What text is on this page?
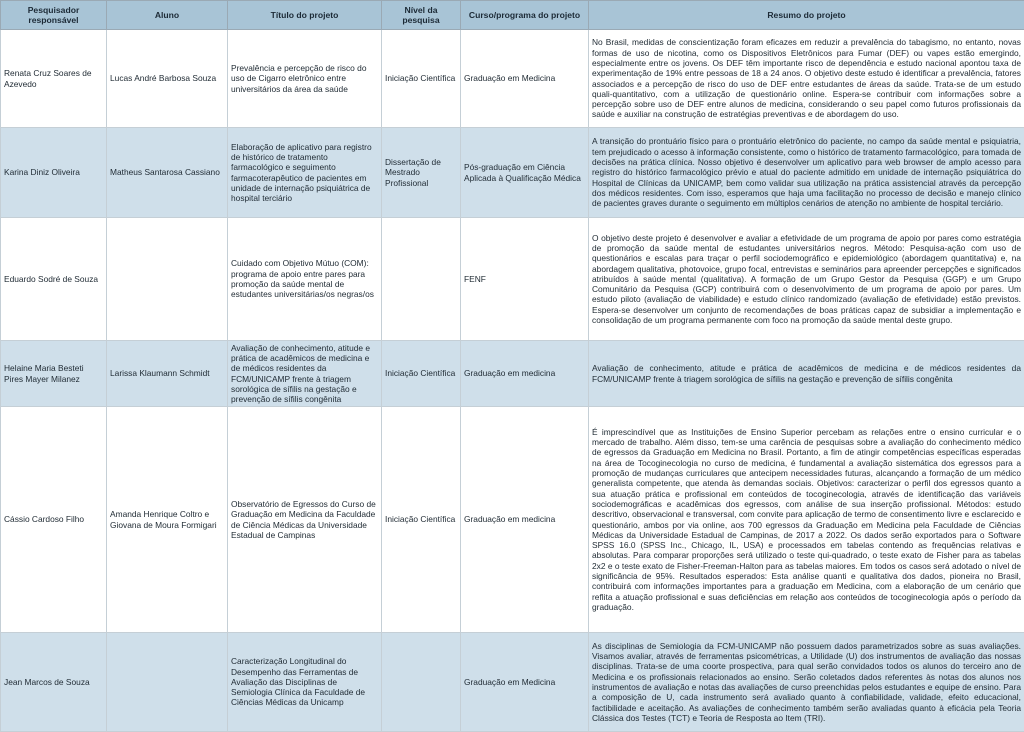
Pesquisador responsável	Aluno	Título do projeto	Nível da pesquisa	Curso/programa do projeto	Resumo do projeto
Renata Cruz Soares de Azevedo	Lucas André Barbosa Souza	Prevalência e percepção de risco do uso de Cigarro eletrônico entre universitários da área da saúde	Iniciação Científica	Graduação em Medicina	No Brasil, medidas de conscientização foram eficazes em reduzir a prevalência do tabagismo, no entanto, novas formas de uso de nicotina, como os Dispositivos Eletrônicos para Fumar (DEF) ou vapes estão emergindo, especialmente entre os jovens. Os DEF têm importante risco de dependência e estudo nacional apontou taxa de experimentação de 19% entre pessoas de 18 a 24 anos. O objetivo deste estudo é identificar a prevalência, fatores associados e a percepção de risco do uso de DEF entre estudantes de áreas da saúde. Trata-se de um estudo quali-quantitativo, com a utilização de questionário online. Espera-se contribuir com informações sobre a percepção sobre uso de DEF entre alunos de medicina, considerando o seu papel como futuros profissionais da saúde e auxiliar na construção de estratégias preventivas e de abordagem do uso.
Karina Diniz Oliveira	Matheus Santarosa Cassiano	Elaboração de aplicativo para registro de histórico de tratamento farmacológico e seguimento farmacoterapêutico de pacientes em unidade de internação psiquiátrica de hospital terciário	Dissertação de Mestrado Profissional	Pós-graduação em Ciência Aplicada à Qualificação Médica	A transição do prontuário físico para o prontuário eletrônico do paciente, no campo da saúde mental e psiquiatria, tem prejudicado o acesso à informação consistente, como o histórico de tratamento farmacológico, para tomada de decisões na prática clínica. Nosso objetivo é desenvolver um aplicativo para web browser de amplo acesso para registro do histórico farmacológico prévio e atual do paciente admitido em unidade de internação psiquiátrica do Hospital de Clínicas da UNICAMP, bem como validar sua utilização na prática assistencial através da percepção dos médicos residentes. Com isso, esperamos que haja uma facilitação no processo de decisão e manejo clínico de pacientes graves durante o seguimento em múltiplos cenários de atenção no ambiente de hospital terciário.
Eduardo Sodré de Souza		Cuidado com Objetivo Mútuo (COM): programa de apoio entre pares para promoção da saúde mental de estudantes universitárias/os negras/os		FENF	O objetivo deste projeto é desenvolver e avaliar a efetividade de um programa de apoio por pares como estratégia de promoção da saúde mental de estudantes universitários negros. Método: Pesquisa-ação com uso de questionários e escalas para traçar o perfil sociodemográfico e epidemiológico (abordagem quantitativa) e, na abordagem qualitativa, photovoice, grupo focal, entrevistas e seminários para apreender percepções e significados atribuídos à saúde mental (qualitativa). A formação de um Grupo Gestor da Pesquisa (GGP) e um Grupo Comunitário da Pesquisa (GCP) contribuirá com o desenvolvimento de um programa de apoio por pares. Um estudo piloto (avaliação de viabilidade) e estudo clínico randomizado (avaliação de efetividade) estão previstos. Espera-se desenvolver um conjunto de recomendações de boas práticas capaz de subsidiar a implementação e consolidação de um programa permanente com foco na promoção da saúde mental deste grupo.
Helaine Maria Besteti Pires Mayer Milanez	Larissa Klaumann Schmidt	Avaliação de conhecimento, atitude e prática de acadêmicos de medicina e de médicos residentes da FCM/UNICAMP frente à triagem sorológica de sífilis na gestação e prevenção de sífilis congênita	Iniciação Científica	Graduação em medicina	Avaliação de conhecimento, atitude e prática de acadêmicos de medicina e de médicos residentes da FCM/UNICAMP frente à triagem sorológica de sífilis na gestação e prevenção de sífilis congênita
Cássio Cardoso Filho	Amanda Henrique Coltro e Giovana de Moura Formigari	Observatório de Egressos do Curso de Graduação em Medicina da Faculdade de Ciência Médicas da Universidade Estadual de Campinas	Iniciação Científica	Graduação em medicina	É imprescindível que as Instituições de Ensino Superior percebam as relações entre o ensino curricular e o mercado de trabalho. Além disso, tem-se uma carência de pesquisas sobre a avaliação do conhecimento médico de egressos da Graduação em Medicina no Brasil. Portanto, a fim de atingir competências específicas esperadas na área de Tocoginecologia no curso de medicina, é fundamental a avaliação sistemática dos egressos para a promoção de mudanças curriculares que antecipem necessidades futuras, alcançando a formação de um médico generalista competente, que atenda às demandas sociais. Objetivos: caracterizar o perfil dos egressos quanto a sua atuação prática e profissional em conteúdos de tocoginecologia, através de identificação das variáveis sociodemográficas e acadêmicas dos egressos, com análise de sua inserção profissional. Métodos: estudo descritivo, observacional e transversal, com convite para aplicação de termo de consentimento livre e esclarecido e questionário, ambos por via online, aos 700 egressos da Graduação em Medicina pela Faculdade de Ciências Médicas da Universidade Estadual de Campinas, de 2017 a 2022. Os dados serão exportados para o Software SPSS 16.0 (SPSS Inc., Chicago, IL, USA) e processados em tabelas contendo as frequências relativas e absolutas. Para comparar proporções será utilizado o teste qui-quadrado, o teste exato de Fisher para as tabelas 2x2 e o teste exato de Fisher-Freeman-Halton para as tabelas maiores. Em todos os casos será adotado o nível de significância de 95%. Resultados esperados: Esta análise quanti e qualitativa dos dados, pioneira no Brasil, contribuirá com informações importantes para a graduação em Medicina, com a elaboração de um cenário que reflita a atuação profissional e suas deficiências em relação aos conteúdos de tocoginecologia após o período da graduação.
Jean Marcos de Souza		Caracterização Longitudinal do Desempenho das Ferramentas de Avaliação das Disciplinas de Semiologia Clínica da Faculdade de Ciências Médicas da Unicamp		Graduação em Medicina	As disciplinas de Semiologia da FCM-UNICAMP não possuem dados parametrizados sobre as suas avaliações. Visamos avaliar, através de ferramentas psicométricas, a Utilidade (U) dos instrumentos de avaliação das nossas disciplinas. Trata-se de uma coorte prospectiva, para qual serão convidados todos os alunos do terceiro ano de Medicina e os profissionais relacionados ao ensino. Serão coletados dados referentes às notas dos alunos nos instrumentos de avaliação e notas das avaliações de curso preenchidas pelos estudantes e equipe de ensino. Para a composição de U, cada instrumento será avaliado quanto à confiabilidade, validade, efeito educacional, factibilidade e aceitação. As avaliações de conhecimento também serão avaliadas quanto à eficácia pela Teoria Clássica dos Testes (TCT) e Teoria de Resposta ao Item (TRI).
